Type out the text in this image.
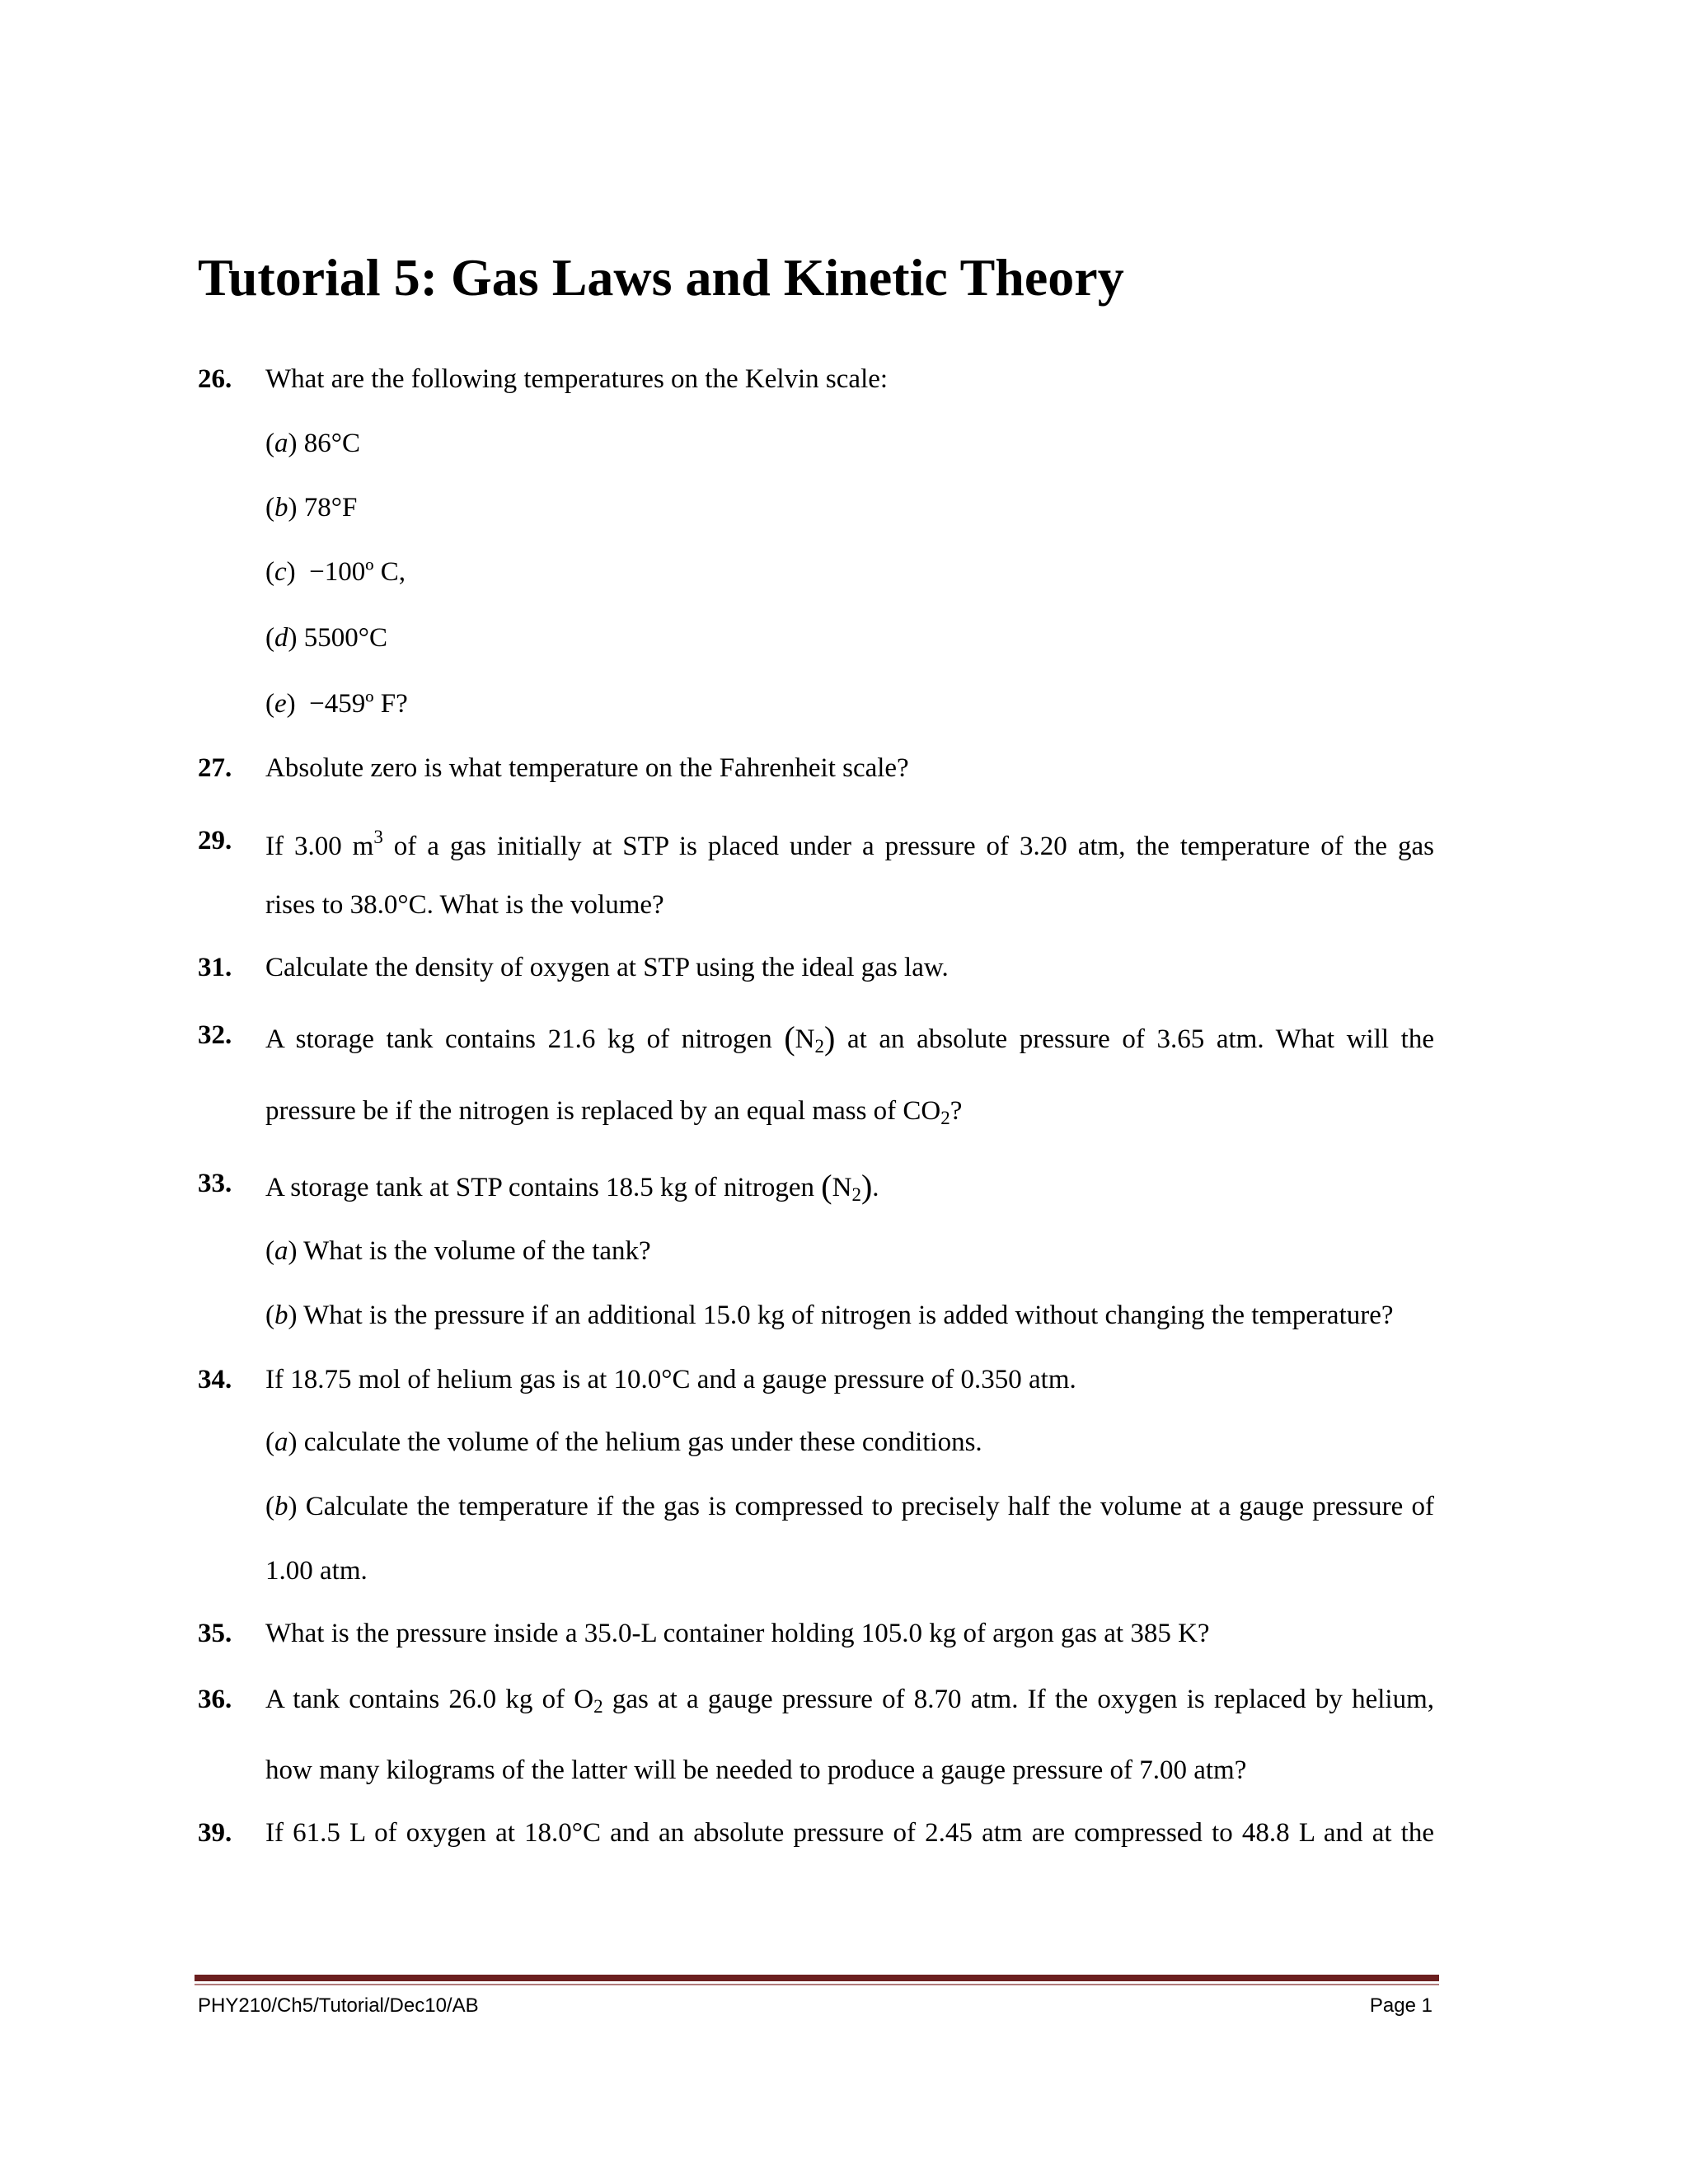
Tutorial 5: Gas Laws and Kinetic Theory
26. What are the following temperatures on the Kelvin scale:
(a) 86°C
(b) 78°F
(c)  −100º C,
(d) 5500°C
(e)  −459º F?
27. Absolute zero is what temperature on the Fahrenheit scale?
29. If 3.00 $m^3$ of a gas initially at STP is placed under a pressure of 3.20 atm, the temperature of the gas
rises to 38.0°C. What is the volume?
31. Calculate the density of oxygen at STP using the ideal gas law.
32. A storage tank contains 21.6 kg of nitrogen $(N_2)$ at an absolute pressure of 3.65 atm. What will the
pressure be if the nitrogen is replaced by an equal mass of $CO_2$?
33. A storage tank at STP contains 18.5 kg of nitrogen $(N_2)$.
(a) What is the volume of the tank?
(b) What is the pressure if an additional 15.0 kg of nitrogen is added without changing the temperature?
34. If 18.75 mol of helium gas is at 10.0°C and a gauge pressure of 0.350 atm.
(a) calculate the volume of the helium gas under these conditions.
(b) Calculate the temperature if the gas is compressed to precisely half the volume at a gauge pressure of
1.00 atm.
35. What is the pressure inside a 35.0-L container holding 105.0 kg of argon gas at 385 K?
36. A tank contains 26.0 kg of $O_2$ gas at a gauge pressure of 8.70 atm. If the oxygen is replaced by helium,
how many kilograms of the latter will be needed to produce a gauge pressure of 7.00 atm?
39. If 61.5 L of oxygen at 18.0°C and an absolute pressure of 2.45 atm are compressed to 48.8 L and at the
PHY210/Ch5/Tutorial/Dec10/AB	Page 1
